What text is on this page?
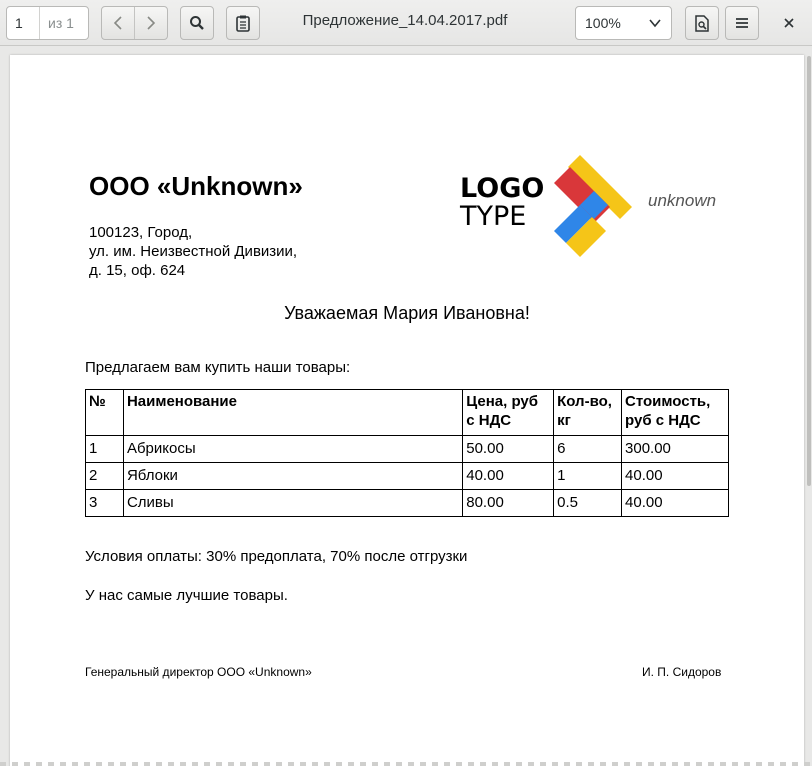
1	из 1	Предложение_14.04.2017.pdf	100%
ООО «Unknown»
100123, Город,
ул. им. Неизвестной Дивизии,
д. 15, оф. 624
LOGO
TYPE
unknown
Уважаемая Мария Ивановна!
Предлагаем вам купить наши товары:
№	Наименование	Цена, руб с НДС	Кол-во, кг	Стоимость, руб с НДС
1	Абрикосы	50.00	6	300.00
2	Яблоки	40.00	1	40.00
3	Сливы	80.00	0.5	40.00
Условия оплаты: 30% предоплата, 70% после отгрузки
У нас самые лучшие товары.
Генеральный директор ООО «Unknown»	И. П. Сидоров
